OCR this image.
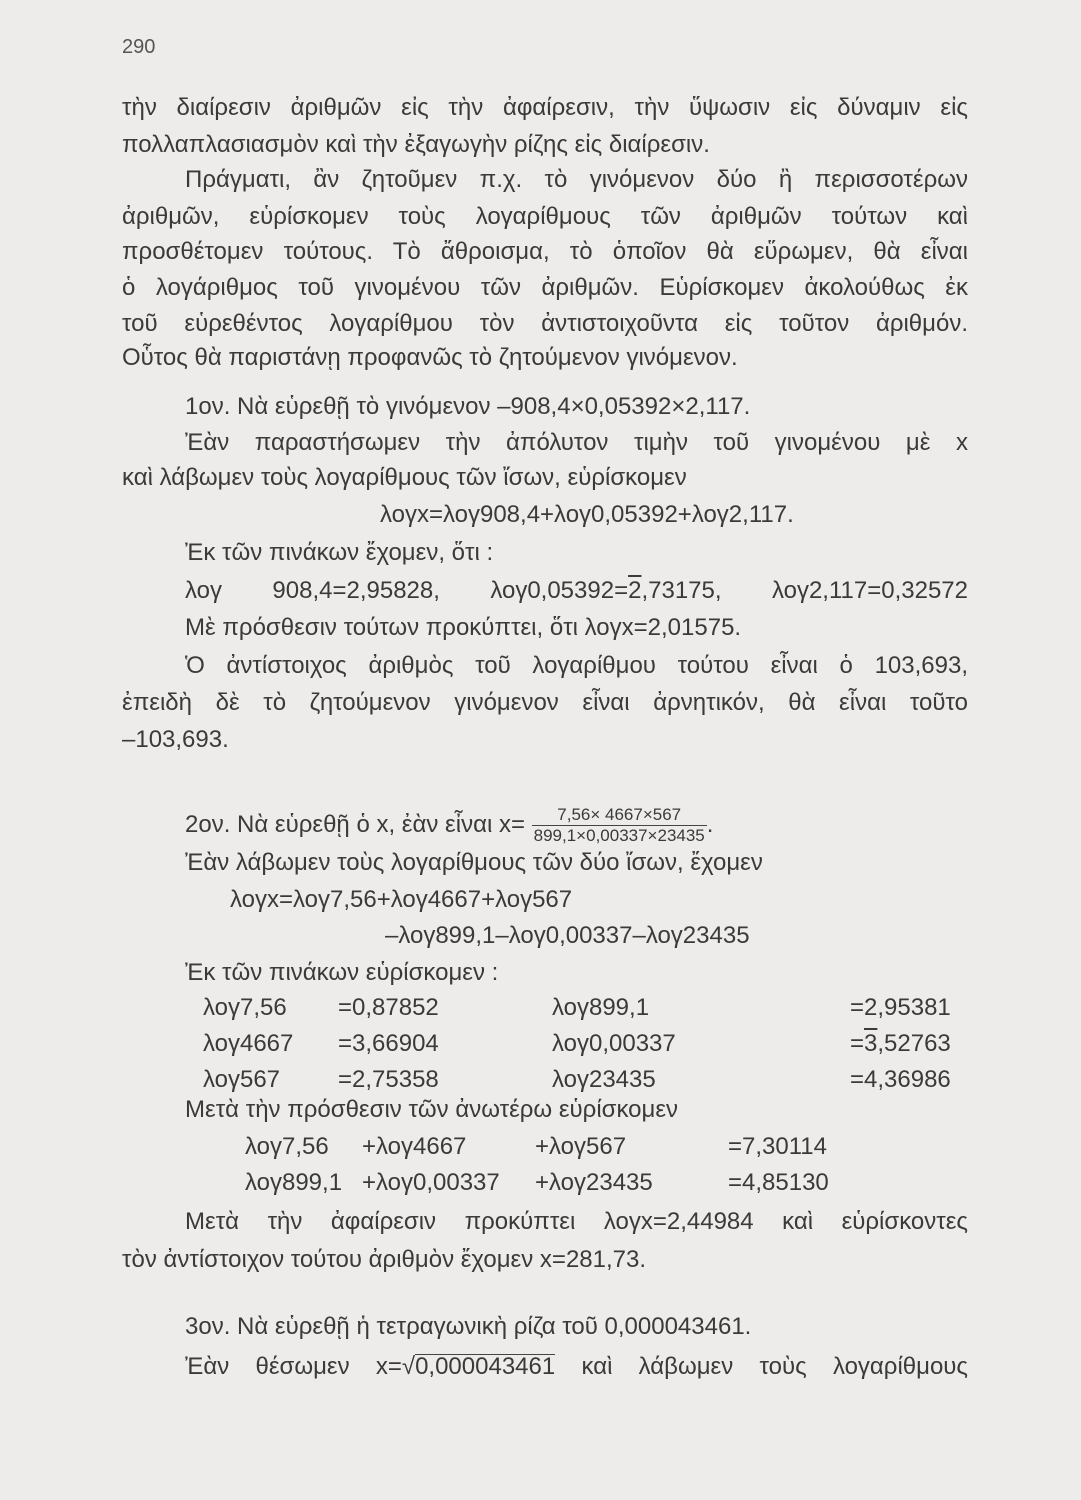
290
τὴν διαίρεσιν ἀριθμῶν εἰς τὴν ἀφαίρεσιν, τὴν ὕψωσιν εἰς δύναμιν εἰς
πολλαπλασιασμὸν καὶ τὴν ἐξαγωγὴν ρίζης εἰς διαίρεσιν.
Πράγματι, ἂν ζητοῦμεν π.χ. τὸ γινόμενον δύο ἢ περισσοτέρων
ἀριθμῶν, εὑρίσκομεν τοὺς λογαρίθμους τῶν ἀριθμῶν τούτων καὶ
προσθέτομεν τούτους. Τὸ ἄθροισμα, τὸ ὁποῖον θὰ εὕρωμεν, θὰ εἶναι
ὁ λογάριθμος τοῦ γινομένου τῶν ἀριθμῶν. Εὑρίσκομεν ἀκολούθως ἐκ
τοῦ εὑρεθέντος λογαρίθμου τὸν ἀντιστοιχοῦντα εἰς τοῦτον ἀριθμόν.
Οὗτος θὰ παριστάνῃ προφανῶς τὸ ζητούμενον γινόμενον.
1ον. Νὰ εὑρεθῇ τὸ γινόμενον –908,4×0,05392×2,117.
Ἐὰν παραστήσωμεν τὴν ἀπόλυτον τιμὴν τοῦ γινομένου μὲ x
καὶ λάβωμεν τοὺς λογαρίθμους τῶν ἴσων, εὑρίσκομεν
λογx=λογ908,4+λογ0,05392+λογ2,117.
Ἐκ τῶν πινάκων ἔχομεν, ὅτι :
λογ 908,4=2,95828, λογ0,05392=2,73175, λογ2,117=0,32572
Μὲ πρόσθεσιν τούτων προκύπτει, ὅτι λογx=2,01575.
Ὁ ἀντίστοιχος ἀριθμὸς τοῦ λογαρίθμου τούτου εἶναι ὁ 103,693,
ἐπειδὴ δὲ τὸ ζητούμενον γινόμενον εἶναι ἀρνητικόν, θὰ εἶναι τοῦτο
–103,693.
2ον. Νὰ εὑρεθῇ ὁ x, ἐὰν εἶναι $x= \frac{7,56\times 4667\times 567}{899,1\times 0,00337\times 23435}$ .
Ἐὰν λάβωμεν τοὺς λογαρίθμους τῶν δύο ἴσων, ἔχομεν
λογx=λογ7,56+λογ4667+λογ567
–λογ899,1–λογ0,00337–λογ23435
Ἐκ τῶν πινάκων εὑρίσκομεν :
λογ7,56 =0,87852	λογ899,1	=2,95381
λογ4667 =3,66904	λογ0,00337	=3,52763
λογ567 =2,75358	λογ23435	=4,36986
Μετὰ τὴν πρόσθεσιν τῶν ἀνωτέρω εὑρίσκομεν
λογ7,56 +λογ4667	+λογ567	=7,30114
λογ899,1 +λογ0,00337 +λογ23435	=4,85130
Μετὰ τὴν ἀφαίρεσιν προκύπτει λογx=2,44984 καὶ εὑρίσκοντες
τὸν ἀντίστοιχον τούτου ἀριθμὸν ἔχομεν x=281,73.
3ον. Νὰ εὑρεθῇ ἡ τετραγωνικὴ ρίζα τοῦ 0,000043461.
Ἐὰν θέσωμεν x=√0,000043461 καὶ λάβωμεν τοὺς λογαρίθμους
